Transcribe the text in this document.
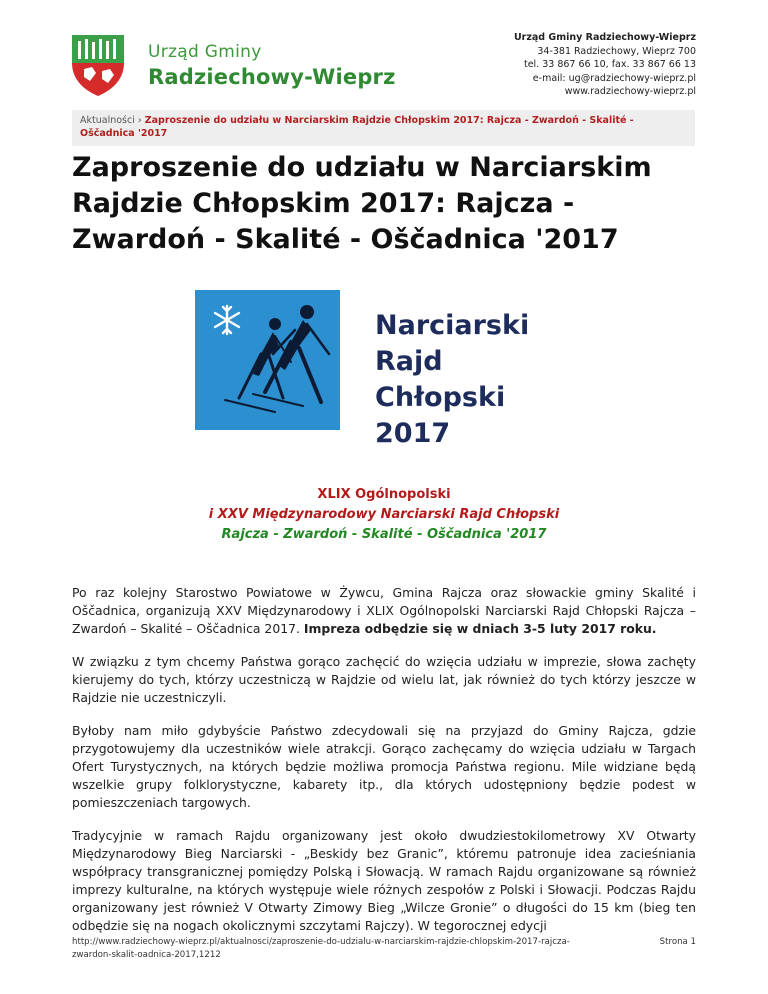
Urząd Gminy
Radziechowy-Wieprz
Urząd Gminy Radziechowy-Wieprz
34-381 Radziechowy, Wieprz 700
tel. 33 867 66 10, fax. 33 867 66 13
e-mail: ug@radziechowy-wieprz.pl
www.radziechowy-wieprz.pl
Aktualności › Zaproszenie do udziału w Narciarskim Rajdzie Chłopskim 2017: Rajcza - Zwardoń - Skalité - Oščadnica '2017
Zaproszenie do udziału w Narciarskim Rajdzie Chłopskim 2017: Rajcza - Zwardoń - Skalité - Oščadnica '2017
Narciarski
Rajd Chłopski
2017
XLIX Ogólnopolski
i XXV Międzynarodowy Narciarski Rajd Chłopski
Rajcza - Zwardoń - Skalité - Oščadnica '2017

Po raz kolejny Starostwo Powiatowe w Żywcu, Gmina Rajcza oraz słowackie gminy Skalité i Oščadnica, organizują XXV Międzynarodowy i XLIX Ogólnopolski Narciarski Rajd Chłopski Rajcza – Zwardoń – Skalité – Oščadnica 2017. Impreza odbędzie się w dniach 3-5 luty 2017 roku.

W związku z tym chcemy Państwa gorąco zachęcić do wzięcia udziału w imprezie, słowa zachęty kierujemy do tych, którzy uczestniczą w Rajdzie od wielu lat, jak również do tych którzy jeszcze w Rajdzie nie uczestniczyli.

Byłoby nam miło gdybyście Państwo zdecydowali się na przyjazd do Gminy Rajcza, gdzie przygotowujemy dla uczestników wiele atrakcji. Gorąco zachęcamy do wzięcia udziału w Targach Ofert Turystycznych, na których będzie możliwa promocja Państwa regionu. Mile widziane będą wszelkie grupy folklorystyczne, kabarety itp., dla których udostępniony będzie podest w pomieszczeniach targowych.

Tradycyjnie w ramach Rajdu organizowany jest około dwudziestokilometrowy XV Otwarty Międzynarodowy Bieg Narciarski - „Beskidy bez Granic”, któremu patronuje idea zacieśniania współpracy transgranicznej pomiędzy Polską i Słowacją. W ramach Rajdu organizowane są również imprezy kulturalne, na których występuje wiele różnych zespołów z Polski i Słowacji. Podczas Rajdu organizowany jest również V Otwarty Zimowy Bieg „Wilcze Gronie” o długości do 15 km (bieg ten odbędzie się na nogach okolicznymi szczytami Rajczy). W tegorocznej edycji

http://www.radziechowy-wieprz.pl/aktualnosci/zaproszenie-do-udzialu-w-narciarskim-rajdzie-chlopskim-2017-rajcza-zwardon-skalit-oadnica-2017,1212
Strona 1
